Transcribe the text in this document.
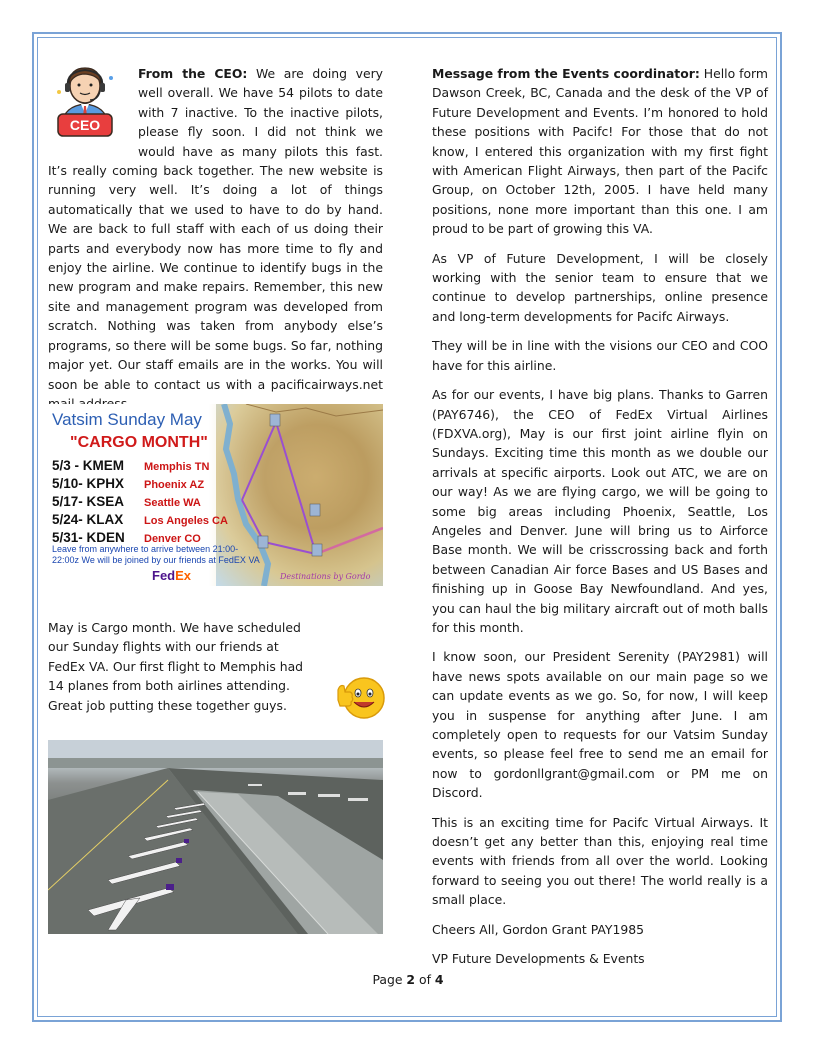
CEO

From the CEO: We are doing very well overall. We have 54 pilots to date with 7 inactive. To the inactive pilots, please fly soon. I did not think we would have as many pilots this fast. It’s really coming back together. The new website is running very well. It’s doing a lot of things automatically that we used to have to do by hand. We are back to full staff with each of us doing their parts and everybody now has more time to fly and enjoy the airline. We continue to identify bugs in the new program and make repairs. Remember, this new site and management program was developed from scratch. Nothing was taken from anybody else’s programs, so there will be some bugs. So far, nothing major yet. Our staff emails are in the works. You will soon be able to contact us with a pacificairways.net

Vatsim Sunday May
"CARGO MONTH"
5/3 - KMEM Memphis TN
5/10- KPHX Phoenix AZ
5/17- KSEA Seattle WA
5/24- KLAX Los Angeles CA
5/31- KDEN Denver CO
Leave from anywhere to arrive between 21:00-22:00z We will be joined by our friends at FedEX VA
FedEx	Destinations by Gordo

May is Cargo month. We have scheduled our Sunday flights with our friends at FedEx VA. Our first flight to Memphis had 14 planes from both airlines attending. Great job putting these together guys.

Message from the Events coordinator: Hello form Dawson Creek, BC, Canada and the desk of the VP of Future Development and Events. I’m honored to hold these positions with Pacifc! For those that do not know, I entered this organization with my first fight with American Flight Airways, then part of the Pacifc Group, on October 12th, 2005. I have held many positions, none more important than this one. I am proud to be part of growing this VA.

As VP of Future Development, I will be closely working with the senior team to ensure that we continue to develop partnerships, online presence and long-term developments for Pacifc Airways.

They will be in line with the visions our CEO and COO have for this airline.

As for our events, I have big plans. Thanks to Garren (PAY6746), the CEO of FedEx Virtual Airlines (FDXVA.org), May is our first joint airline flyin on Sundays. Exciting time this month as we double our arrivals at specific airports. Look out ATC, we are on our way! As we are flying cargo, we will be going to some big areas including Phoenix, Seattle, Los Angeles and Denver. June will bring us to Airforce Base month. We will be crisscrossing back and forth between Canadian Air force Bases and US Bases and finishing up in Goose Bay Newfoundland. And yes, you can haul the big military aircraft out of moth balls for this month.

I know soon, our President Serenity (PAY2981) will have news spots available on our main page so we can update events as we go. So, for now, I will keep you in suspense for anything after June. I am completely open to requests for our Vatsim Sunday events, so please feel free to send me an email for now to gordonllgrant@gmail.com or PM me on Discord.

This is an exciting time for Pacifc Virtual Airways. It doesn’t get any better than this, enjoying real time events with friends from all over the world. Looking forward to seeing you out there! The world really is a small place.

Cheers All, Gordon Grant PAY1985

VP Future Developments & Events

Page 2 of 4
